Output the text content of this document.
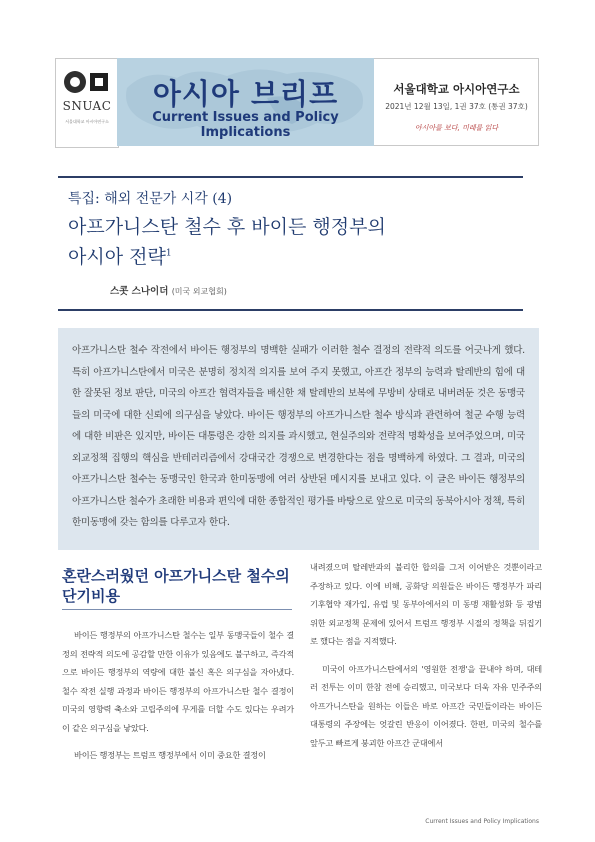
SNUAC
서울대학교 아시아연구소
아시아 브리프
Current Issues and Policy Implications
서울대학교 아시아연구소
2021년 12월 13일, 1권 37호 (통권 37호)
아시아를 보다, 미래를 읽다
특집: 해외 전문가 시각 (4)
아프가니스탄 철수 후 바이든 행정부의
아시아 전략$^1$
스콧 스나이더 (미국 외교협회)
아프가니스탄 철수 작전에서 바이든 행정부의 명백한 실패가 이러한 철수 결정의 전략적 의도를 어긋나게 했다. 특히 아프가니스탄에서 미국은 분명히 정치적 의지를 보여 주지 못했고, 아프간 정부의 능력과 탈레반의 힘에 대한 잘못된 정보 판단, 미국의 아프간 협력자들을 배신한 채 탈레반의 보복에 무방비 상태로 내버려둔 것은 동맹국들의 미국에 대한 신뢰에 의구심을 낳았다. 바이든 행정부의 아프가니스탄 철수 방식과 관련하여 철군 수행 능력에 대한 비판은 있지만, 바이든 대통령은 강한 의지를 과시했고, 현실주의와 전략적 명확성을 보여주었으며, 미국 외교정책 집행의 핵심을 반테러리즘에서 강대국간 경쟁으로 변경한다는 점을 명백하게 하였다. 그 결과, 미국의 아프가니스탄 철수는 동맹국인 한국과 한미동맹에 여러 상반된 메시지를 보내고 있다. 이 글은 바이든 행정부의 아프가니스탄 철수가 초래한 비용과 편익에 대한 종합적인 평가를 바탕으로 앞으로 미국의 동북아시아 정책, 특히 한미동맹에 갖는 함의를 다루고자 한다.
혼란스러웠던 아프가니스탄 철수의 단기비용

바이든 행정부의 아프가니스탄 철수는 일부 동맹국들이 철수 결정의 전략적 의도에 공감할 만한 이유가 있음에도 불구하고, 즉각적으로 바이든 행정부의 역량에 대한 불신 혹은 의구심을 자아냈다. 철수 작전 실행 과정과 바이든 행정부의 아프가니스탄 철수 결정이 미국의 영향력 축소와 고립주의에 무게를 더할 수도 있다는 우려가 이 같은 의구심을 낳았다.

바이든 행정부는 트럼프 행정부에서 이미 중요한 결정이

내려졌으며 탈레반과의 불리한 합의를 그저 이어받은 것뿐이라고 주장하고 있다. 이에 비해, 공화당 의원들은 바이든 행정부가 파리기후협약 재가입, 유럽 및 동부아에서의 미 동맹 재활성화 등 광범위한 외교정책 문제에 있어서 트럼프 행정부 시절의 정책을 뒤집기로 했다는 점을 지적했다.

미국이 아프가니스탄에서의 '영원한 전쟁'을 끝내야 하며, 대테러 전투는 이미 한참 전에 승리했고, 미국보다 더욱 자유 민주주의 아프가니스탄을 원하는 이들은 바로 아프간 국민들이라는 바이든 대통령의 주장에는 엇갈린 반응이 이어졌다. 한편, 미국의 철수를 앞두고 빠르게 붕괴한 아프간 군대에서

Current Issues and Policy Implications
